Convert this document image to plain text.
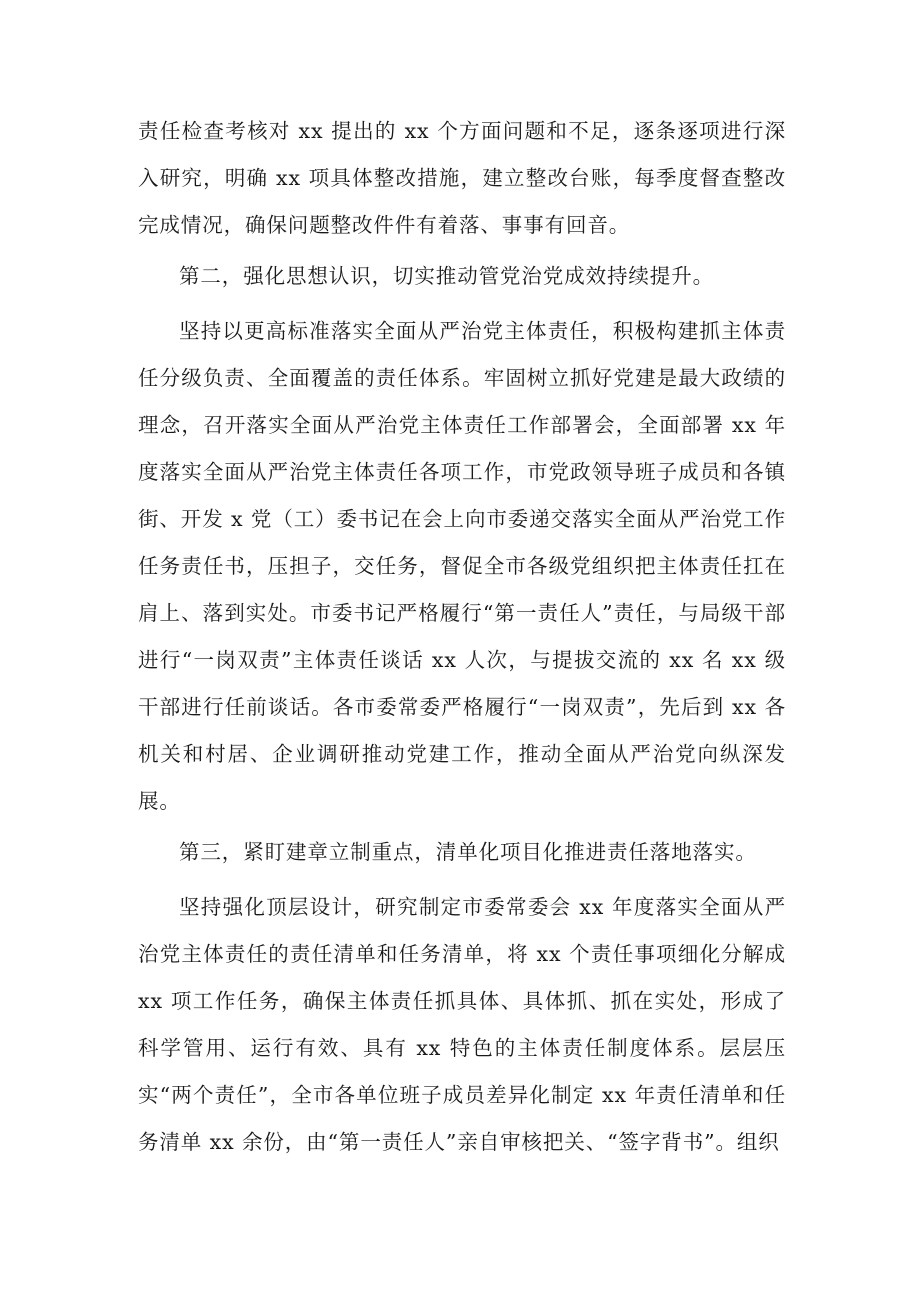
责任检查考核对 xx 提出的 xx 个方面问题和不足，逐条逐项进行深入研究，明确 xx 项具体整改措施，建立整改台账，每季度督查整改完成情况，确保问题整改件件有着落、事事有回音。

第二，强化思想认识，切实推动管党治党成效持续提升。

坚持以更高标准落实全面从严治党主体责任，积极构建抓主体责任分级负责、全面覆盖的责任体系。牢固树立抓好党建是最大政绩的理念，召开落实全面从严治党主体责任工作部署会，全面部署 xx 年度落实全面从严治党主体责任各项工作，市党政领导班子成员和各镇街、开发 x 党（工）委书记在会上向市委递交落实全面从严治党工作任务责任书，压担子，交任务，督促全市各级党组织把主体责任扛在肩上、落到实处。市委书记严格履行“第一责任人”责任，与局级干部进行“一岗双责”主体责任谈话 xx 人次，与提拔交流的 xx 名 xx 级干部进行任前谈话。各市委常委严格履行“一岗双责”，先后到 xx 各机关和村居、企业调研推动党建工作，推动全面从严治党向纵深发展。

第三，紧盯建章立制重点，清单化项目化推进责任落地落实。

坚持强化顶层设计，研究制定市委常委会 xx 年度落实全面从严治党主体责任的责任清单和任务清单，将 xx 个责任事项细化分解成 xx 项工作任务，确保主体责任抓具体、具体抓、抓在实处，形成了科学管用、运行有效、具有 xx 特色的主体责任制度体系。层层压实“两个责任”，全市各单位班子成员差异化制定 xx 年责任清单和任务清单 xx 余份，由“第一责任人”亲自审核把关、“签字背书”。组织
